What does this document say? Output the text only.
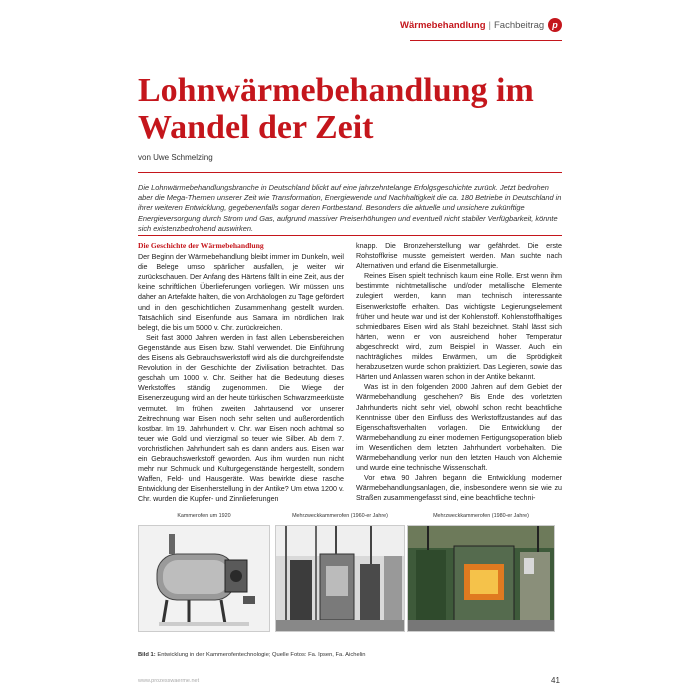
Wärmebehandlung | Fachbeitrag p
Lohnwärmebehandlung im Wandel der Zeit
von Uwe Schmelzing

Die Lohnwärmebehandlungsbranche in Deutschland blickt auf eine jahrzehntelange Erfolgsgeschichte zurück. Jetzt bedrohen aber die Mega-Themen unserer Zeit wie Transformation, Energiewende und Nachhaltigkeit die ca. 180 Betriebe in Deutschland in ihrer weiteren Entwicklung, gegebenenfalls sogar deren Fortbestand. Besonders die aktuelle und unsichere zukünftige Energieversorgung durch Strom und Gas, aufgrund massiver Preiserhöhungen und eventuell nicht stabiler Verfügbarkeit, könnte sich existenzbedrohend auswirken.

Die Geschichte der Wärmebehandlung

Der Beginn der Wärmebehandlung bleibt immer im Dunkeln, weil die Belege umso spärlicher ausfallen, je weiter wir zurückschauen. Der Anfang des Härtens fällt in eine Zeit, aus der keine schriftlichen Überlieferungen vorliegen. Wir müssen uns daher an Artefakte halten, die von Archäologen zu Tage gefördert und in den geschichtlichen Zusammenhang gestellt wurden. Tatsächlich sind Eisenfunde aus Samara im nördlichen Irak belegt, die bis um 5000 v. Chr. zurückreichen.

Seit fast 3000 Jahren werden in fast allen Lebensbereichen Gegenstände aus Eisen bzw. Stahl verwendet. Die Einführung des Eisens als Gebrauchswerkstoff wird als die durchgreifendste Revolution in der Geschichte der Zivilisation betrachtet. Das geschah um 1000 v. Chr. Seither hat die Bedeutung dieses Werkstoffes ständig zugenommen. Die Wiege der Eisenerzeugung wird an der heute türkischen Schwarzmeerküste vermutet. Im frühen zweiten Jahrtausend vor unserer Zeitrechnung war Eisen noch sehr selten und außerordentlich kostbar. Im 19. Jahrhundert v. Chr. war Eisen noch achtmal so teuer wie Gold und vierzigmal so teuer wie Silber. Ab dem 7. vorchristlichen Jahrhundert sah es dann anders aus. Eisen war ein Gebrauchswerkstoff geworden. Aus ihm wurden nun nicht mehr nur Schmuck und Kulturgegenstände hergestellt, sondern Waffen, Feld- und Hausgeräte. Was bewirkte diese rasche Entwicklung der Eisenherstellung in der Antike? Um etwa 1200 v. Chr. wurden die Kupfer- und Zinnlieferungen

knapp. Die Bronzeherstellung war gefährdet. Die erste Rohstoffkrise musste gemeistert werden. Man suchte nach Alternativen und erfand die Eisenmetallurgie.

Reines Eisen spielt technisch kaum eine Rolle. Erst wenn ihm bestimmte nichtmetallische und/oder metallische Elemente zulegiert werden, kann man technisch interessante Eisenwerkstoffe erhalten. Das wichtigste Legierungselement früher und heute war und ist der Kohlenstoff. Kohlenstoffhaltiges schmiedbares Eisen wird als Stahl bezeichnet. Stahl lässt sich härten, wenn er von ausreichend hoher Temperatur abgeschreckt wird, zum Beispiel in Wasser. Auch ein nachträgliches mildes Erwärmen, um die Sprödigkeit herabzusetzen wurde schon praktiziert. Das Legieren, sowie das Härten und Anlassen waren schon in der Antike bekannt.

Was ist in den folgenden 2000 Jahren auf dem Gebiet der Wärmebehandlung geschehen? Bis Ende des vorletzten Jahrhunderts nicht sehr viel, obwohl schon recht beachtliche Kenntnisse über den Einfluss des Werkstoffzustandes auf das Eigenschaftsverhalten vorlagen. Die Entwicklung der Wärmebehandlung zu einer modernen Fertigungsoperation blieb im Wesentlichen dem letzten Jahrhundert vorbehalten. Die Wärmebehandlung verlor nun den letzten Hauch von Alchemie und wurde eine technische Wissenschaft.

Vor etwa 90 Jahren begann die Entwicklung moderner Wärmebehandlungsanlagen, die, insbesondere wenn sie wie zu Straßen zusammengefasst sind, eine beachtliche techni-

Kammerofen um 1920	Mehrzweckkammerofen (1960-er Jahre)	Mehrzweckkammerofen (1980-er Jahre)
Bild 1: Entwicklung in der Kammerofentechnologie; Quelle Fotos: Fa. Ipsen, Fa. Aichelin
www.prozesswaerme.net	41
